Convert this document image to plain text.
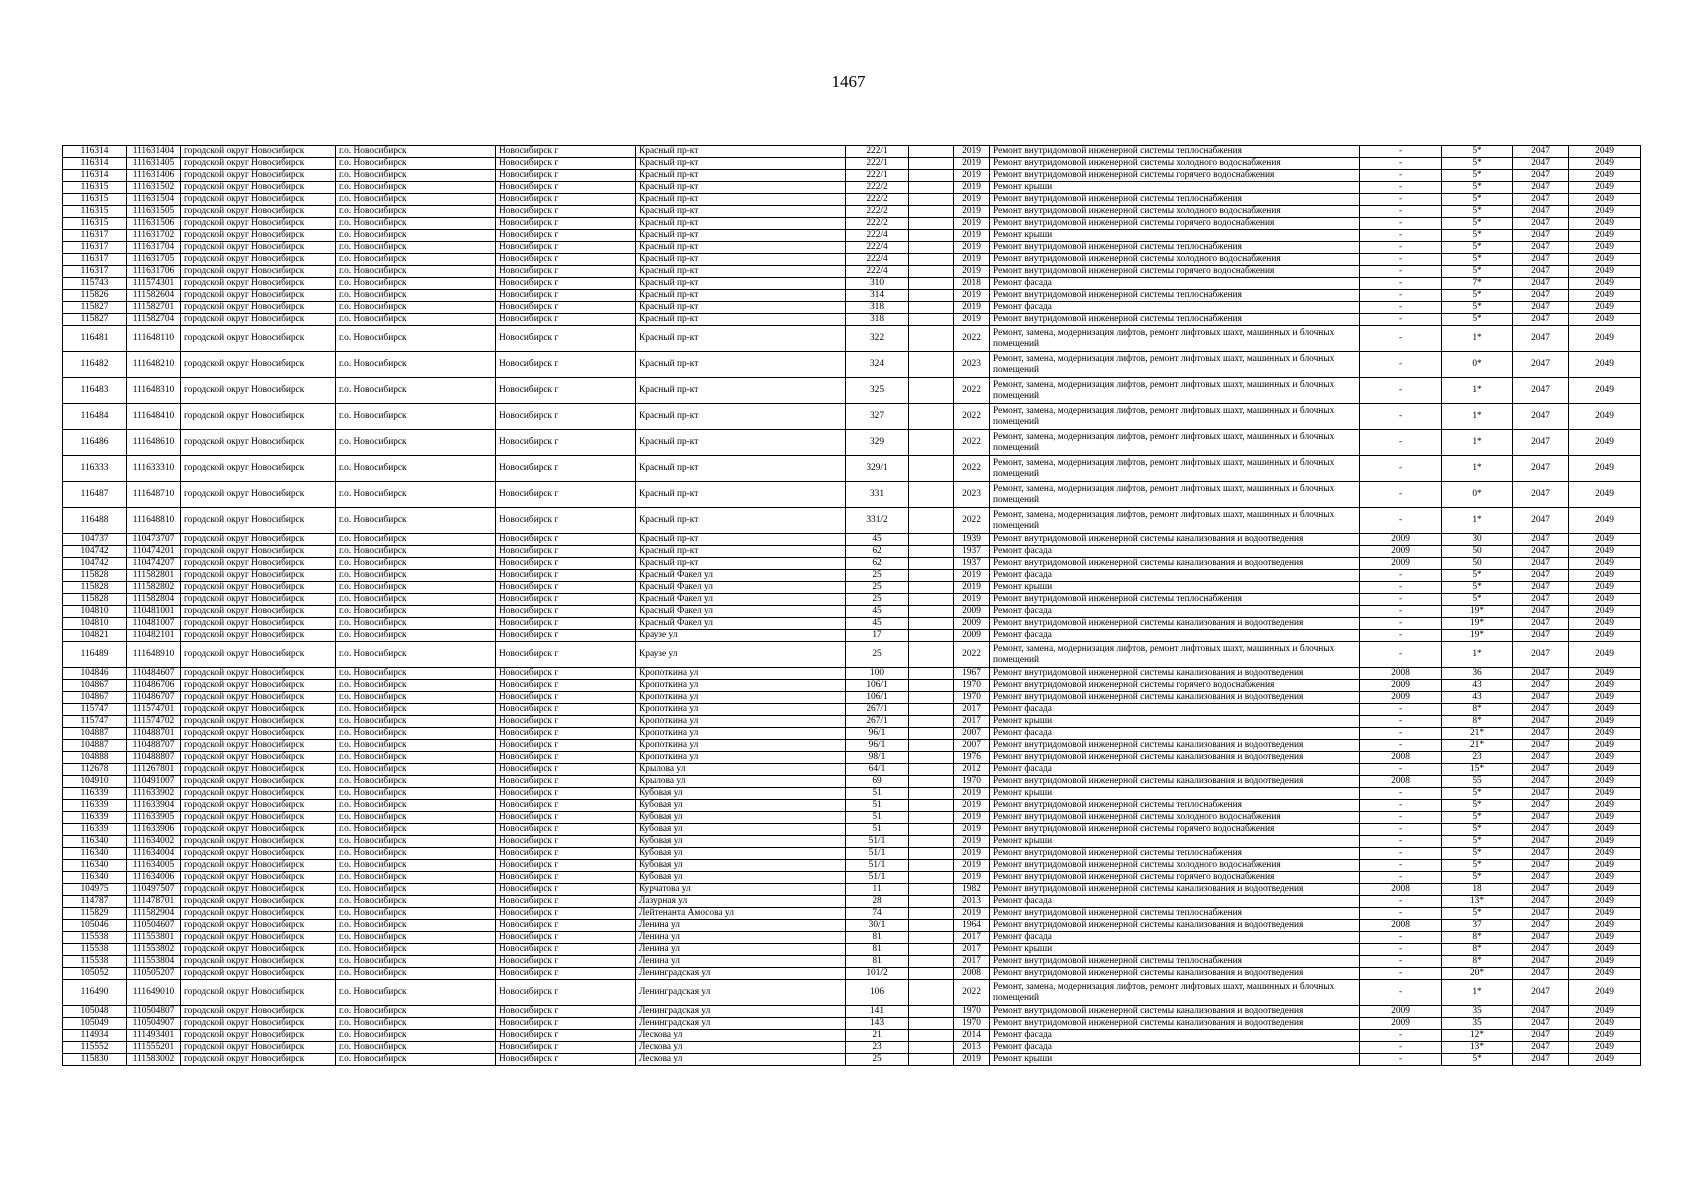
1467
116314	111631404	городской округ Новосибирск	г.о. Новосибирск	Новосибирск г	Красный пр-кт	222/1		2019	Ремонт внутридомовой инженерной системы теплоснабжения	-	5*	2047	2049
116314	111631405	городской округ Новосибирск	г.о. Новосибирск	Новосибирск г	Красный пр-кт	222/1		2019	Ремонт внутридомовой инженерной системы холодного водоснабжения	-	5*	2047	2049
116314	111631406	городской округ Новосибирск	г.о. Новосибирск	Новосибирск г	Красный пр-кт	222/1		2019	Ремонт внутридомовой инженерной системы горячего водоснабжения	-	5*	2047	2049
116315	111631502	городской округ Новосибирск	г.о. Новосибирск	Новосибирск г	Красный пр-кт	222/2		2019	Ремонт крыши	-	5*	2047	2049
116315	111631504	городской округ Новосибирск	г.о. Новосибирск	Новосибирск г	Красный пр-кт	222/2		2019	Ремонт внутридомовой инженерной системы теплоснабжения	-	5*	2047	2049
116315	111631505	городской округ Новосибирск	г.о. Новосибирск	Новосибирск г	Красный пр-кт	222/2		2019	Ремонт внутридомовой инженерной системы холодного водоснабжения	-	5*	2047	2049
116315	111631506	городской округ Новосибирск	г.о. Новосибирск	Новосибирск г	Красный пр-кт	222/2		2019	Ремонт внутридомовой инженерной системы горячего водоснабжения	-	5*	2047	2049
116317	111631702	городской округ Новосибирск	г.о. Новосибирск	Новосибирск г	Красный пр-кт	222/4		2019	Ремонт крыши	-	5*	2047	2049
116317	111631704	городской округ Новосибирск	г.о. Новосибирск	Новосибирск г	Красный пр-кт	222/4		2019	Ремонт внутридомовой инженерной системы теплоснабжения	-	5*	2047	2049
116317	111631705	городской округ Новосибирск	г.о. Новосибирск	Новосибирск г	Красный пр-кт	222/4		2019	Ремонт внутридомовой инженерной системы холодного водоснабжения	-	5*	2047	2049
116317	111631706	городской округ Новосибирск	г.о. Новосибирск	Новосибирск г	Красный пр-кт	222/4		2019	Ремонт внутридомовой инженерной системы горячего водоснабжения	-	5*	2047	2049
115743	111574301	городской округ Новосибирск	г.о. Новосибирск	Новосибирск г	Красный пр-кт	310		2018	Ремонт фасада	-	7*	2047	2049
115826	111582604	городской округ Новосибирск	г.о. Новосибирск	Новосибирск г	Красный пр-кт	314		2019	Ремонт внутридомовой инженерной системы теплоснабжения	-	5*	2047	2049
115827	111582701	городской округ Новосибирск	г.о. Новосибирск	Новосибирск г	Красный пр-кт	318		2019	Ремонт фасада	-	5*	2047	2049
115827	111582704	городской округ Новосибирск	г.о. Новосибирск	Новосибирск г	Красный пр-кт	318		2019	Ремонт внутридомовой инженерной системы теплоснабжения	-	5*	2047	2049
116481	111648110	городской округ Новосибирск	г.о. Новосибирск	Новосибирск г	Красный пр-кт	322		2022	Ремонт, замена, модернизация лифтов, ремонт лифтовых шахт, машинных и блочных помещений	-	1*	2047	2049
116482	111648210	городской округ Новосибирск	г.о. Новосибирск	Новосибирск г	Красный пр-кт	324		2023	Ремонт, замена, модернизация лифтов, ремонт лифтовых шахт, машинных и блочных помещений	-	0*	2047	2049
116483	111648310	городской округ Новосибирск	г.о. Новосибирск	Новосибирск г	Красный пр-кт	325		2022	Ремонт, замена, модернизация лифтов, ремонт лифтовых шахт, машинных и блочных помещений	-	1*	2047	2049
116484	111648410	городской округ Новосибирск	г.о. Новосибирск	Новосибирск г	Красный пр-кт	327		2022	Ремонт, замена, модернизация лифтов, ремонт лифтовых шахт, машинных и блочных помещений	-	1*	2047	2049
116486	111648610	городской округ Новосибирск	г.о. Новосибирск	Новосибирск г	Красный пр-кт	329		2022	Ремонт, замена, модернизация лифтов, ремонт лифтовых шахт, машинных и блочных помещений	-	1*	2047	2049
116333	111633310	городской округ Новосибирск	г.о. Новосибирск	Новосибирск г	Красный пр-кт	329/1		2022	Ремонт, замена, модернизация лифтов, ремонт лифтовых шахт, машинных и блочных помещений	-	1*	2047	2049
116487	111648710	городской округ Новосибирск	г.о. Новосибирск	Новосибирск г	Красный пр-кт	331		2023	Ремонт, замена, модернизация лифтов, ремонт лифтовых шахт, машинных и блочных помещений	-	0*	2047	2049
116488	111648810	городской округ Новосибирск	г.о. Новосибирск	Новосибирск г	Красный пр-кт	331/2		2022	Ремонт, замена, модернизация лифтов, ремонт лифтовых шахт, машинных и блочных помещений	-	1*	2047	2049
104737	110473707	городской округ Новосибирск	г.о. Новосибирск	Новосибирск г	Красный пр-кт	45		1939	Ремонт внутридомовой инженерной системы канализования и водоотведения	2009	30	2047	2049
104742	110474201	городской округ Новосибирск	г.о. Новосибирск	Новосибирск г	Красный пр-кт	62		1937	Ремонт фасада	2009	50	2047	2049
104742	110474207	городской округ Новосибирск	г.о. Новосибирск	Новосибирск г	Красный пр-кт	62		1937	Ремонт внутридомовой инженерной системы канализования и водоотведения	2009	50	2047	2049
115828	111582801	городской округ Новосибирск	г.о. Новосибирск	Новосибирск г	Красный Факел ул	25		2019	Ремонт фасада	-	5*	2047	2049
115828	111582802	городской округ Новосибирск	г.о. Новосибирск	Новосибирск г	Красный Факел ул	25		2019	Ремонт крыши	-	5*	2047	2049
115828	111582804	городской округ Новосибирск	г.о. Новосибирск	Новосибирск г	Красный Факел ул	25		2019	Ремонт внутридомовой инженерной системы теплоснабжения	-	5*	2047	2049
104810	110481001	городской округ Новосибирск	г.о. Новосибирск	Новосибирск г	Красный Факел ул	45		2009	Ремонт фасада	-	19*	2047	2049
104810	110481007	городской округ Новосибирск	г.о. Новосибирск	Новосибирск г	Красный Факел ул	45		2009	Ремонт внутридомовой инженерной системы канализования и водоотведения	-	19*	2047	2049
104821	110482101	городской округ Новосибирск	г.о. Новосибирск	Новосибирск г	Краузе ул	17		2009	Ремонт фасада	-	19*	2047	2049
116489	111648910	городской округ Новосибирск	г.о. Новосибирск	Новосибирск г	Краузе ул	25		2022	Ремонт, замена, модернизация лифтов, ремонт лифтовых шахт, машинных и блочных помещений	-	1*	2047	2049
104846	110484607	городской округ Новосибирск	г.о. Новосибирск	Новосибирск г	Кропоткина ул	100		1967	Ремонт внутридомовой инженерной системы канализования и водоотведения	2008	36	2047	2049
104867	110486706	городской округ Новосибирск	г.о. Новосибирск	Новосибирск г	Кропоткина ул	106/1		1970	Ремонт внутридомовой инженерной системы горячего водоснабжения	2009	43	2047	2049
104867	110486707	городской округ Новосибирск	г.о. Новосибирск	Новосибирск г	Кропоткина ул	106/1		1970	Ремонт внутридомовой инженерной системы канализования и водоотведения	2009	43	2047	2049
115747	111574701	городской округ Новосибирск	г.о. Новосибирск	Новосибирск г	Кропоткина ул	267/1		2017	Ремонт фасада	-	8*	2047	2049
115747	111574702	городской округ Новосибирск	г.о. Новосибирск	Новосибирск г	Кропоткина ул	267/1		2017	Ремонт крыши	-	8*	2047	2049
104887	110488701	городской округ Новосибирск	г.о. Новосибирск	Новосибирск г	Кропоткина ул	96/1		2007	Ремонт фасада	-	21*	2047	2049
104887	110488707	городской округ Новосибирск	г.о. Новосибирск	Новосибирск г	Кропоткина ул	96/1		2007	Ремонт внутридомовой инженерной системы канализования и водоотведения	-	21*	2047	2049
104888	110488807	городской округ Новосибирск	г.о. Новосибирск	Новосибирск г	Кропоткина ул	98/1		1976	Ремонт внутридомовой инженерной системы канализования и водоотведения	2008	23	2047	2049
112678	111267801	городской округ Новосибирск	г.о. Новосибирск	Новосибирск г	Крылова ул	64/1		2012	Ремонт фасада	-	15*	2047	2049
104910	110491007	городской округ Новосибирск	г.о. Новосибирск	Новосибирск г	Крылова ул	69		1970	Ремонт внутридомовой инженерной системы канализования и водоотведения	2008	55	2047	2049
116339	111633902	городской округ Новосибирск	г.о. Новосибирск	Новосибирск г	Кубовая ул	51		2019	Ремонт крыши	-	5*	2047	2049
116339	111633904	городской округ Новосибирск	г.о. Новосибирск	Новосибирск г	Кубовая ул	51		2019	Ремонт внутридомовой инженерной системы теплоснабжения	-	5*	2047	2049
116339	111633905	городской округ Новосибирск	г.о. Новосибирск	Новосибирск г	Кубовая ул	51		2019	Ремонт внутридомовой инженерной системы холодного водоснабжения	-	5*	2047	2049
116339	111633906	городской округ Новосибирск	г.о. Новосибирск	Новосибирск г	Кубовая ул	51		2019	Ремонт внутридомовой инженерной системы горячего водоснабжения	-	5*	2047	2049
116340	111634002	городской округ Новосибирск	г.о. Новосибирск	Новосибирск г	Кубовая ул	51/1		2019	Ремонт крыши	-	5*	2047	2049
116340	111634004	городской округ Новосибирск	г.о. Новосибирск	Новосибирск г	Кубовая ул	51/1		2019	Ремонт внутридомовой инженерной системы теплоснабжения	-	5*	2047	2049
116340	111634005	городской округ Новосибирск	г.о. Новосибирск	Новосибирск г	Кубовая ул	51/1		2019	Ремонт внутридомовой инженерной системы холодного водоснабжения	-	5*	2047	2049
116340	111634006	городской округ Новосибирск	г.о. Новосибирск	Новосибирск г	Кубовая ул	51/1		2019	Ремонт внутридомовой инженерной системы горячего водоснабжения	-	5*	2047	2049
104975	110497507	городской округ Новосибирск	г.о. Новосибирск	Новосибирск г	Курчатова ул	11		1982	Ремонт внутридомовой инженерной системы канализования и водоотведения	2008	18	2047	2049
114787	111478701	городской округ Новосибирск	г.о. Новосибирск	Новосибирск г	Лазурная ул	28		2013	Ремонт фасада	-	13*	2047	2049
115829	111582904	городской округ Новосибирск	г.о. Новосибирск	Новосибирск г	Лейтенанта Амосова ул	74		2019	Ремонт внутридомовой инженерной системы теплоснабжения	-	5*	2047	2049
105046	110504607	городской округ Новосибирск	г.о. Новосибирск	Новосибирск г	Ленина ул	30/1		1964	Ремонт внутридомовой инженерной системы канализования и водоотведения	2008	37	2047	2049
115538	111553801	городской округ Новосибирск	г.о. Новосибирск	Новосибирск г	Ленина ул	81		2017	Ремонт фасада	-	8*	2047	2049
115538	111553802	городской округ Новосибирск	г.о. Новосибирск	Новосибирск г	Ленина ул	81		2017	Ремонт крыши	-	8*	2047	2049
115538	111553804	городской округ Новосибирск	г.о. Новосибирск	Новосибирск г	Ленина ул	81		2017	Ремонт внутридомовой инженерной системы теплоснабжения	-	8*	2047	2049
105052	110505207	городской округ Новосибирск	г.о. Новосибирск	Новосибирск г	Ленинградская ул	101/2		2008	Ремонт внутридомовой инженерной системы канализования и водоотведения	-	20*	2047	2049
116490	111649010	городской округ Новосибирск	г.о. Новосибирск	Новосибирск г	Ленинградская ул	106		2022	Ремонт, замена, модернизация лифтов, ремонт лифтовых шахт, машинных и блочных помещений	-	1*	2047	2049
105048	110504807	городской округ Новосибирск	г.о. Новосибирск	Новосибирск г	Ленинградская ул	141		1970	Ремонт внутридомовой инженерной системы канализования и водоотведения	2009	35	2047	2049
105049	110504907	городской округ Новосибирск	г.о. Новосибирск	Новосибирск г	Ленинградская ул	143		1970	Ремонт внутридомовой инженерной системы канализования и водоотведения	2009	35	2047	2049
114934	111493401	городской округ Новосибирск	г.о. Новосибирск	Новосибирск г	Лескова ул	21		2014	Ремонт фасада	-	12*	2047	2049
115552	111555201	городской округ Новосибирск	г.о. Новосибирск	Новосибирск г	Лескова ул	23		2013	Ремонт фасада	-	13*	2047	2049
115830	111583002	городской округ Новосибирск	г.о. Новосибирск	Новосибирск г	Лескова ул	25		2019	Ремонт крыши	-	5*	2047	2049
